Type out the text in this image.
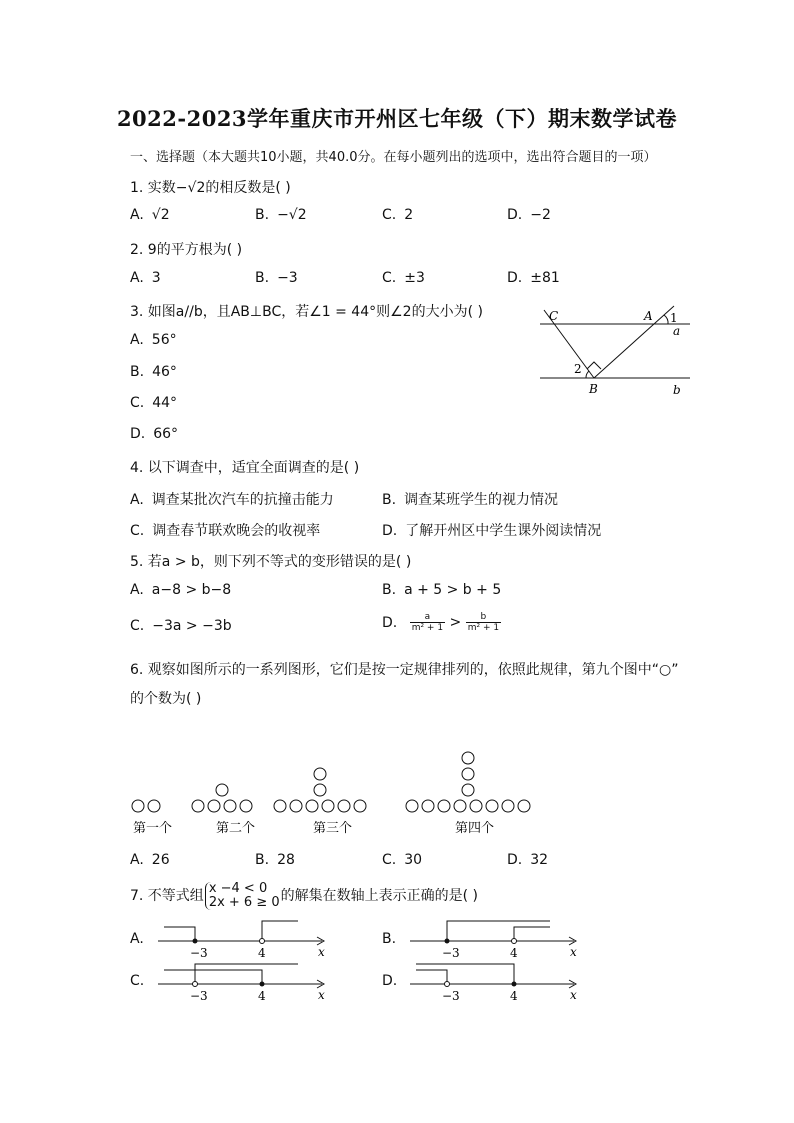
2022-2023学年重庆市开州区七年级（下）期末数学试卷
一、选择题（本大题共10小题，共40.0分。在每小题列出的选项中，选出符合题目的一项）
1. 实数−√2的相反数是( )
A. √2	B. −√2	C. 2	D. −2
2. 9的平方根为( )
A. 3	B. −3	C. ±3	D. ±81
3. 如图a//b，且AB⊥BC，若∠1 = 44°则∠2的大小为( )
A. 56°
B. 46°
C. 44°
D. 66°
C	A 1
a
2
B	b
4. 以下调查中，适宜全面调查的是( )
A. 调查某批次汽车的抗撞击能力	B. 调查某班学生的视力情况
C. 调查春节联欢晚会的收视率	D. 了解开州区中学生课外阅读情况
5. 若a > b，则下列不等式的变形错误的是( )
A. a−8 > b−8	B. a + 5 > b + 5
C. −3a > −3b	D. $\frac{a}{\text{m² + 1}} > \frac{b}{\text{m² + 1}}$
6. 观察如图所示的一系列图形，它们是按一定规律排列的，依照此规律，第九个图中“○”
的个数为( )
第一个	第二个	第三个	第四个
A. 26	B. 28	C. 30	D. 32
7. 不等式组 x −4 < 0
2x + 6 ≥ 0 的解集在数轴上表示正确的是( )
A.
−3	4	x
B.
−3	4	x
C.
−3	4	x
D.
−3	4	x
